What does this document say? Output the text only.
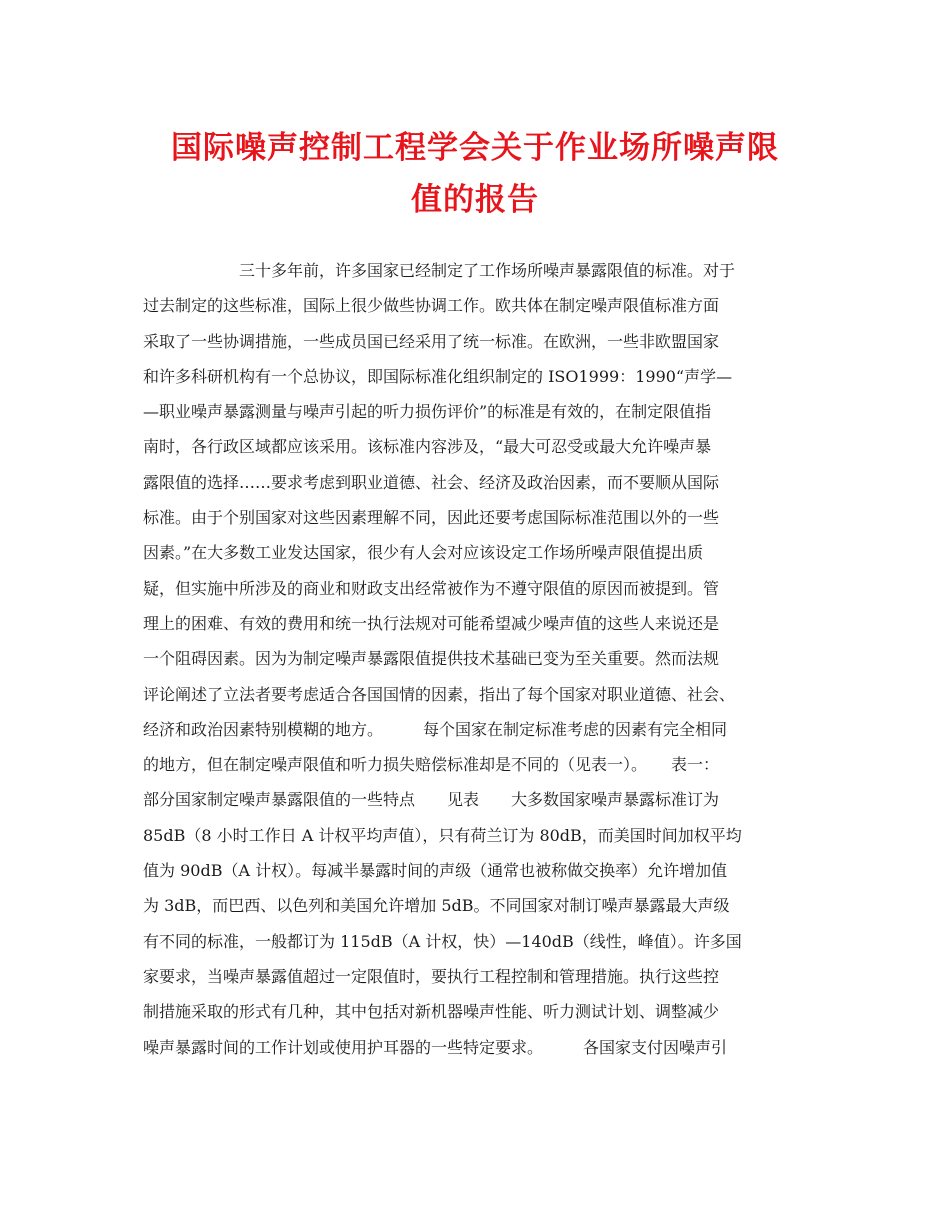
国际噪声控制工程学会关于作业场所噪声限
值的报告
　　　　　　三十多年前，许多国家已经制定了工作场所噪声暴露限值的标准。对于
过去制定的这些标准，国际上很少做些协调工作。欧共体在制定噪声限值标准方面
采取了一些协调措施，一些成员国已经采用了统一标准。在欧洲，一些非欧盟国家
和许多科研机构有一个总协议，即国际标准化组织制定的 ISO1999：1990“声学—
—职业噪声暴露测量与噪声引起的听力损伤评价”的标准是有效的，在制定限值指
南时，各行政区域都应该采用。该标准内容涉及，“最大可忍受或最大允许噪声暴
露限值的选择……要求考虑到职业道德、社会、经济及政治因素，而不要顺从国际
标准。由于个别国家对这些因素理解不同，因此还要考虑国际标准范围以外的一些
因素。”在大多数工业发达国家，很少有人会对应该设定工作场所噪声限值提出质
疑，但实施中所涉及的商业和财政支出经常被作为不遵守限值的原因而被提到。管
理上的困难、有效的费用和统一执行法规对可能希望减少噪声值的这些人来说还是
一个阻碍因素。因为为制定噪声暴露限值提供技术基础已变为至关重要。然而法规
评论阐述了立法者要考虑适合各国国情的因素，指出了每个国家对职业道德、社会、
经济和政治因素特别模糊的地方。　　　每个国家在制定标准考虑的因素有完全相同
的地方，但在制定噪声限值和听力损失赔偿标准却是不同的（见表一）。　　表一：
部分国家制定噪声暴露限值的一些特点　　见表　　大多数国家噪声暴露标准订为
85dB（8 小时工作日 A 计权平均声值），只有荷兰订为 80dB，而美国时间加权平均
值为 90dB（A 计权）。每减半暴露时间的声级（通常也被称做交换率）允许增加值
为 3dB，而巴西、以色列和美国允许增加 5dB。不同国家对制订噪声暴露最大声级
有不同的标准，一般都订为 115dB（A 计权，快）—140dB（线性，峰值）。许多国
家要求，当噪声暴露值超过一定限值时，要执行工程控制和管理措施。执行这些控
制措施采取的形式有几种，其中包括对新机器噪声性能、听力测试计划、调整减少
噪声暴露时间的工作计划或使用护耳器的一些特定要求。　　　各国家支付因噪声引
